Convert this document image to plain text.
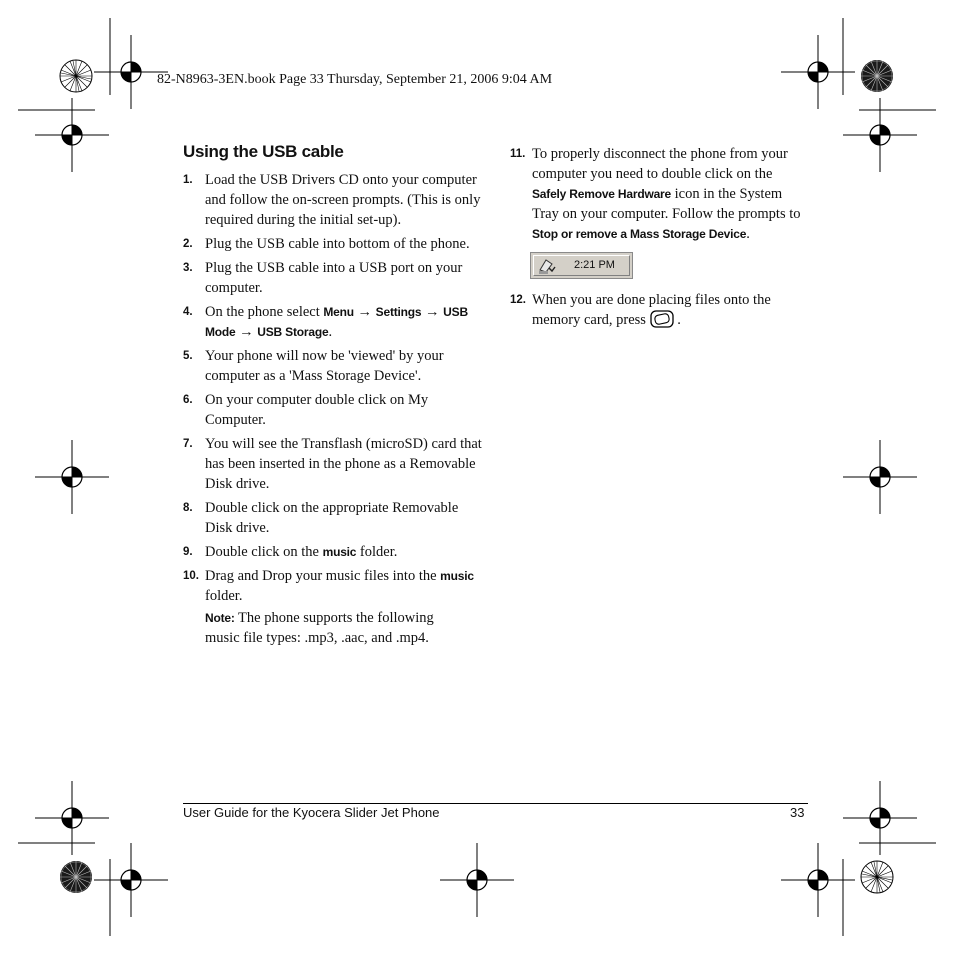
82-N8963-3EN.book Page 33 Thursday, September 21, 2006 9:04 AM
Using the USB cable
1. Load the USB Drivers CD onto your computer and follow the on-screen prompts. (This is only required during the initial set-up).
2. Plug the USB cable into bottom of the phone.
3. Plug the USB cable into a USB port on your computer.
4. On the phone select Menu → Settings → USB Mode → USB Storage.
5. Your phone will now be 'viewed' by your computer as a 'Mass Storage Device'.
6. On your computer double click on My Computer.
7. You will see the Transflash (microSD) card that has been inserted in the phone as a Removable Disk drive.
8. Double click on the appropriate Removable Disk drive.
9. Double click on the music folder.
10. Drag and Drop your music files into the music folder.
Note: The phone supports the following music file types: .mp3, .aac, and .mp4.
11. To properly disconnect the phone from your computer you need to double click on the Safely Remove Hardware icon in the System Tray on your computer. Follow the prompts to Stop or remove a Mass Storage Device.
12. When you are done placing files onto the memory card, press  .
2:21 PM
User Guide for the Kyocera Slider Jet Phone	33
